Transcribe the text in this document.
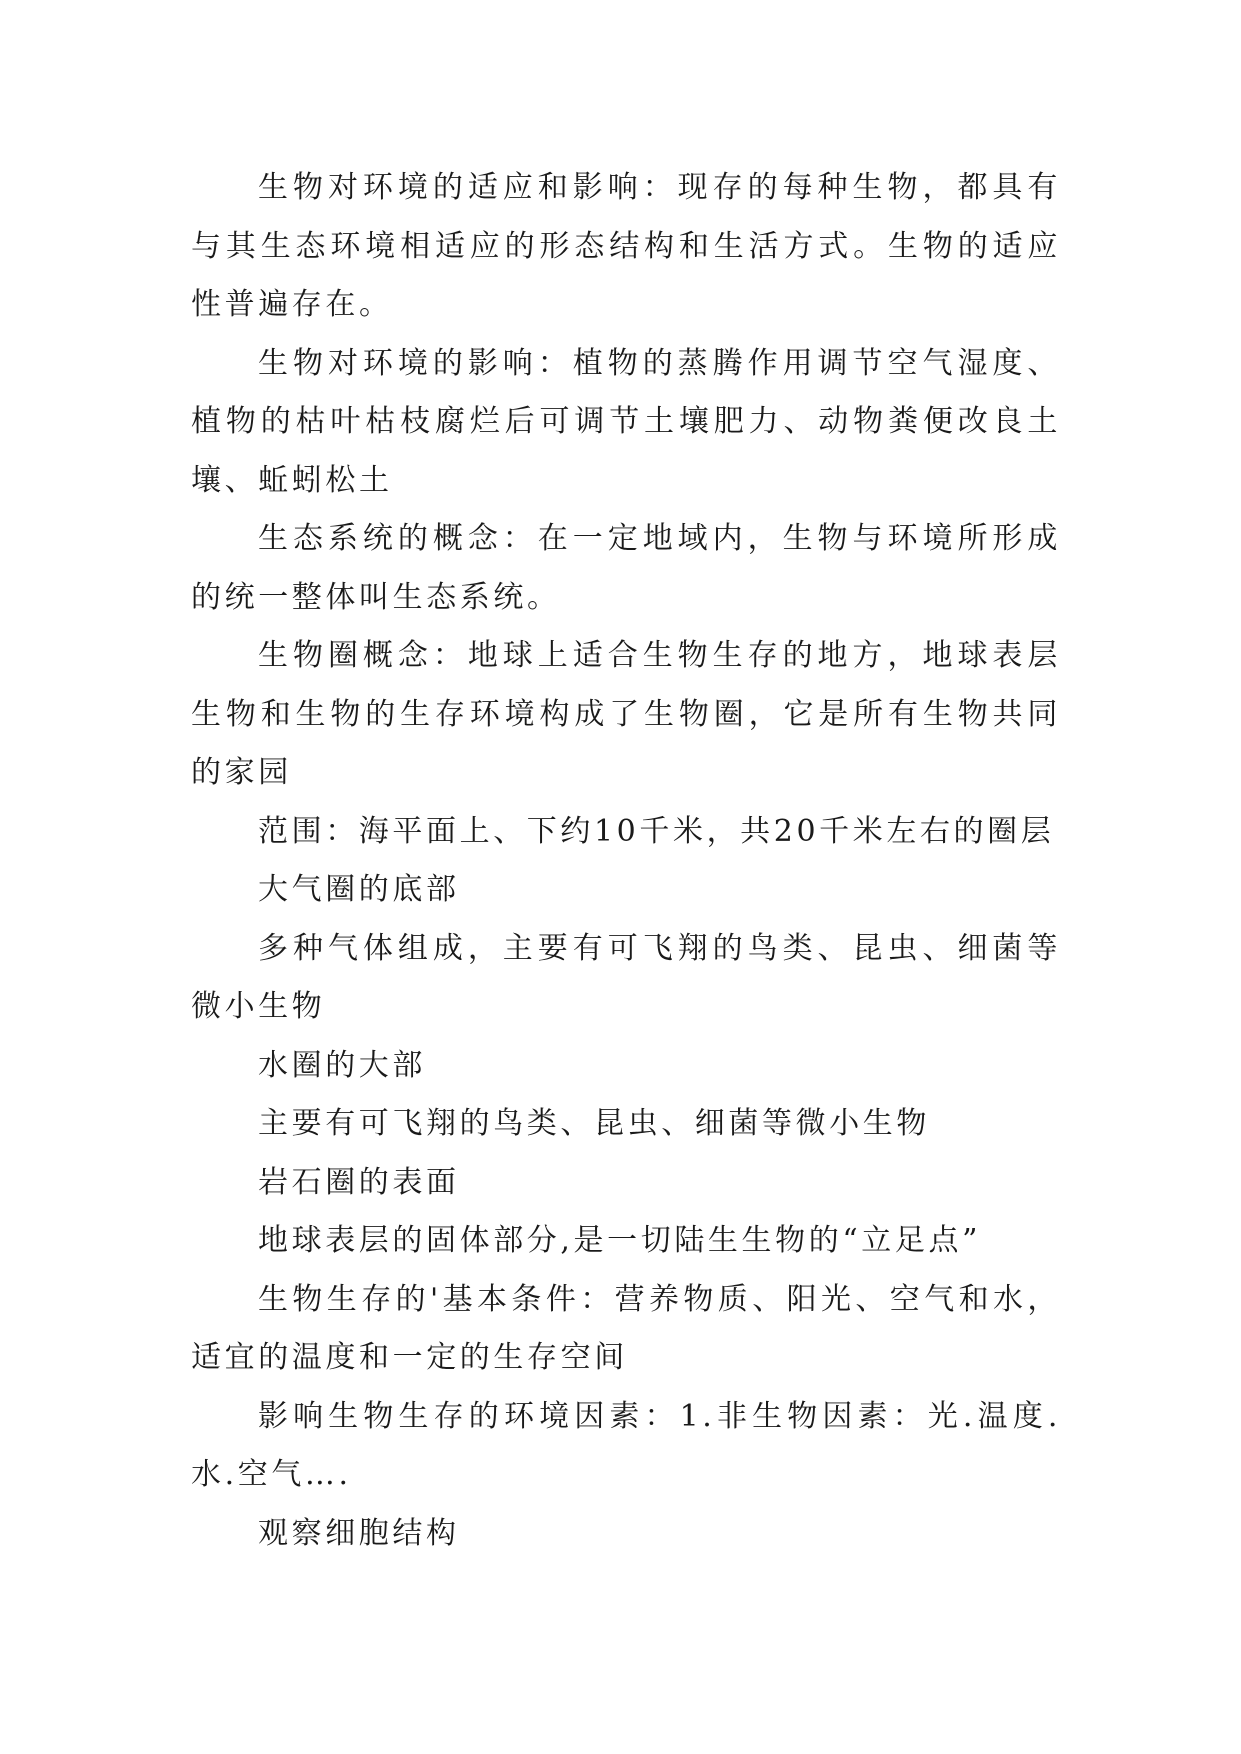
生物对环境的适应和影响：现存的每种生物，都具有与其生态环境相适应的形态结构和生活方式。生物的适应性普遍存在。

生物对环境的影响：植物的蒸腾作用调节空气湿度、植物的枯叶枯枝腐烂后可调节土壤肥力、动物粪便改良土壤、蚯蚓松土

生态系统的概念：在一定地域内，生物与环境所形成的统一整体叫生态系统。

生物圈概念：地球上适合生物生存的地方，地球表层生物和生物的生存环境构成了生物圈，它是所有生物共同的家园

范围：海平面上、下约10千米，共20千米左右的圈层

大气圈的底部

多种气体组成，主要有可飞翔的鸟类、昆虫、细菌等微小生物

水圈的大部

主要有可飞翔的鸟类、昆虫、细菌等微小生物

岩石圈的表面

地球表层的固体部分,是一切陆生生物的“立足点”

生物生存的'基本条件：营养物质、阳光、空气和水，适宜的温度和一定的生存空间

影响生物生存的环境因素：1.非生物因素：光.温度.水.空气….

观察细胞结构
